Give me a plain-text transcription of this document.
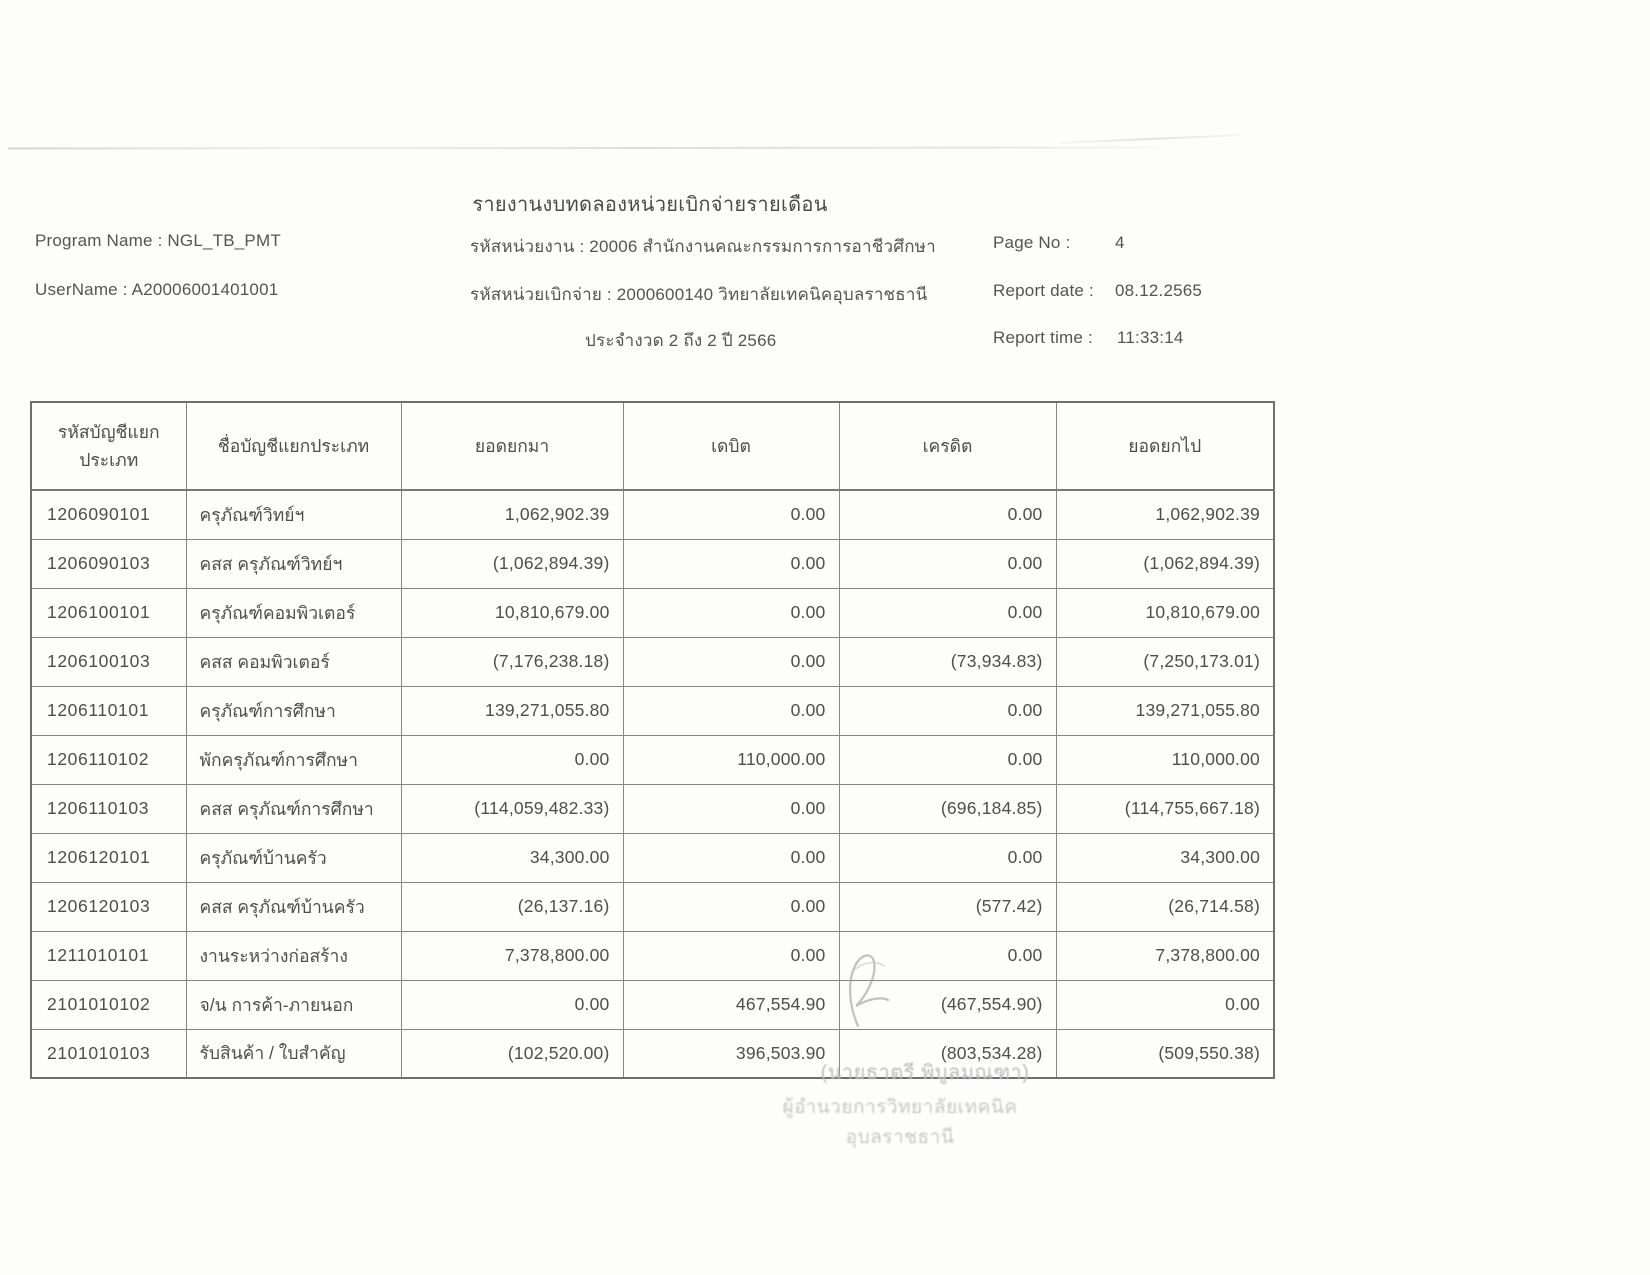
รายงานงบทดลองหน่วยเบิกจ่ายรายเดือน
Program Name : NGL_TB_PMT
UserName : A20006001401001
รหัสหน่วยงาน : 20006 สำนักงานคณะกรรมการการอาชีวศึกษา
รหัสหน่วยเบิกจ่าย : 2000600140 วิทยาลัยเทคนิคอุบลราชธานี
ประจำงวด 2 ถึง 2 ปี 2566
Page No :	4
Report date : 08.12.2565
Report time : 11:33:14
รหัสบัญชีแยกประเภท	ชื่อบัญชีแยกประเภท	ยอดยกมา	เดบิต	เครดิต	ยอดยกไป
1206090101	ครุภัณฑ์วิทย์ฯ	1,062,902.39	0.00	0.00	1,062,902.39
1206090103	คสส ครุภัณฑ์วิทย์ฯ	(1,062,894.39)	0.00	0.00	(1,062,894.39)
1206100101	ครุภัณฑ์คอมพิวเตอร์	10,810,679.00	0.00	0.00	10,810,679.00
1206100103	คสส คอมพิวเตอร์	(7,176,238.18)	0.00	(73,934.83)	(7,250,173.01)
1206110101	ครุภัณฑ์การศึกษา	139,271,055.80	0.00	0.00	139,271,055.80
1206110102	พักครุภัณฑ์การศึกษา	0.00	110,000.00	0.00	110,000.00
1206110103	คสส ครุภัณฑ์การศึกษา	(114,059,482.33)	0.00	(696,184.85)	(114,755,667.18)
1206120101	ครุภัณฑ์บ้านครัว	34,300.00	0.00	0.00	34,300.00
1206120103	คสส ครุภัณฑ์บ้านครัว	(26,137.16)	0.00	(577.42)	(26,714.58)
1211010101	งานระหว่างก่อสร้าง	7,378,800.00	0.00	0.00	7,378,800.00
2101010102	จ/น การค้า-ภายนอก	0.00	467,554.90	(467,554.90)	0.00
2101010103	รับสินค้า / ใบสำคัญ	(102,520.00)	396,503.90	(803,534.28)	(509,550.38)
(นายธาตรี พิบูลมณฑา)
ผู้อำนวยการวิทยาลัยเทคนิคอุบลราชธานี
